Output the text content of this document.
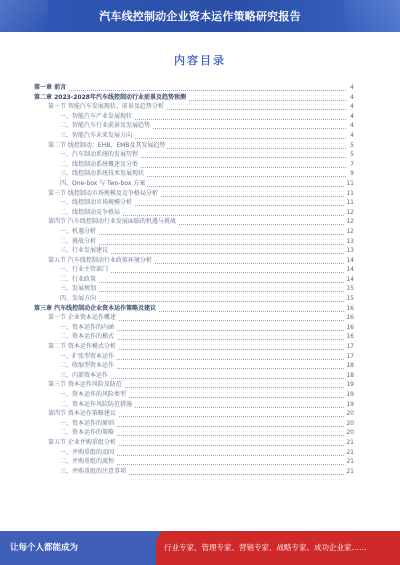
汽车线控制动企业资本运作策略研究报告
内容目录
第一章 前言	4
第二章 2023-2028年汽车线控制动行业前景及趋势预测	4
第一节 智能汽车发展现状、前景及趋势分析	4
一、智能汽车产业发展现状	4
二、智能汽车行业前景及发展趋势	4
三、智能汽车未来发展方向	4
第二节 线控制动：EHB、EMB及其发展趋势	5
一、汽车制动系统的发展历程	5
二、线控制动系统概述及分类	7
三、线控制动系统技术发展现状	9
四、One-box 与 Two-box 方案	11
第三节 线控制动市场规模及竞争格局分析	11
一、线控制动市场规模分析	11
二、线控制动竞争格局	12
第四节 汽车线控制动行业发展面临的机遇与挑战	12
一、机遇分析	12
二、挑战分析	13
三、行业发展建议	13
第五节 汽车线控制动行业政策环境分析	14
一、行业主管部门	14
二、行业政策	14
三、发展规划	15
四、发展方向	15
第三章 汽车线控制动企业资本运作策略及建议	16
第一节 企业资本运作概述	16
一、资本运作的内涵	16
二、资本运作的模式	16
第二节 资本运作模式分析	17
一、扩张型资本运作	17
二、收缩型资本运作	18
三、内部资本运作	18
第三节 资本运作风险及防范	19
一、资本运作的风险类型	19
二、资本运作风险防范措施	19
第四节 资本运作策略建议	20
一、资本运作的原则	20
二、资本运作的策略	20
第五节 企业并购重组分析	21
一、并购重组的动因	21
二、并购重组的流程	21
三、并购重组的注意事项	21
让每个人都能成为	行业专家、管理专家、营销专家、战略专家、成功企业家……
